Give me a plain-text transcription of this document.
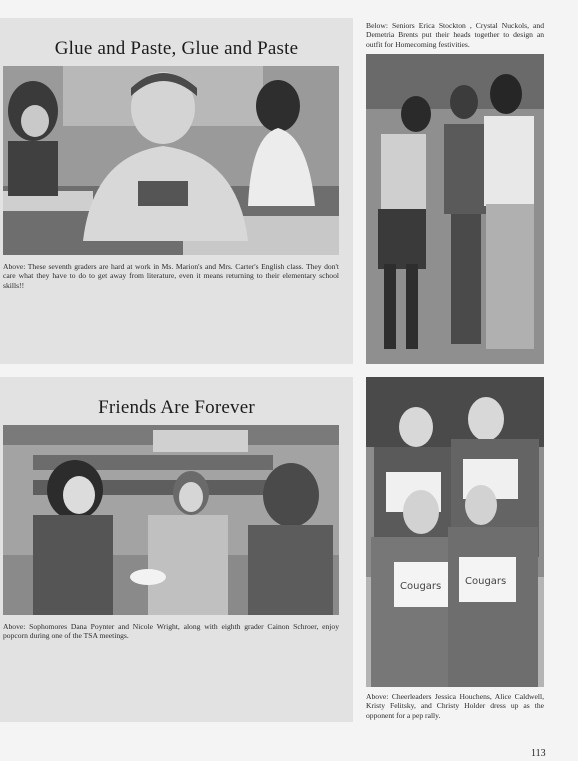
Glue and Paste, Glue and Paste
Above: These seventh graders are hard at work in Ms. Marion's and Mrs. Carter's English class. They don't care what they have to do to get away from literature, even it means returning to their elementary school skills!!
Below: Seniors Erica Stockton , Crystal Nuckols, and Demetria Brents put their heads together to design an outfit for Homecoming festivities.
Friends Are Forever
Above: Sophomores Dana Poynter and Nicole Wright, along with eighth grader Cainon Schroer, enjoy popcorn during one of the TSA meetings.
Cougars Cougars
Above: Cheerleaders Jessica Houchens, Alice Caldwell, Kristy Felitsky, and Christy Holder dress up as the opponent for a pep rally.
113
